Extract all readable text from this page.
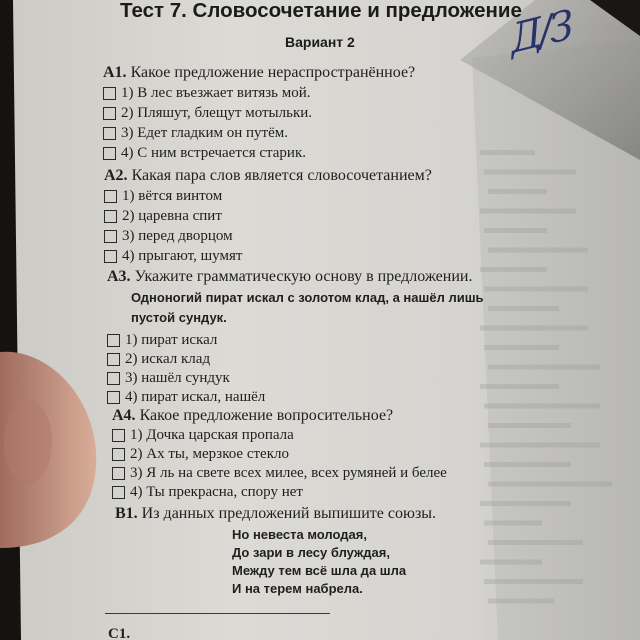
Тест 7. Словосочетание и предложение
Вариант 2	Д/З
А1. Какое предложение нераспространённое?
1) В лес въезжает витязь мой.
2) Пляшут, блещут мотыльки.
3) Едет гладким он путём.
4) С ним встречается старик.
А2. Какая пара слов является словосочетанием?
1) вётся винтом
2) царевна спит
3) перед дворцом
4) прыгают, шумят
А3. Укажите грамматическую основу в предложении.
Одноногий пират искал с золотом клад, а нашёл лишь
пустой сундук.
1) пират искал
2) искал клад
3) нашёл сундук
4) пират искал, нашёл
А4. Какое предложение вопросительное?
1) Дочка царская пропала
2) Ах ты, мерзкое стекло
3) Я ль на свете всех милее, всех румяней и белее
4) Ты прекрасна, спору нет
В1. Из данных предложений выпишите союзы.
Но невеста молодая,
До зари в лесу блуждая,
Между тем всё шла да шла
И на терем набрела.
С1.
